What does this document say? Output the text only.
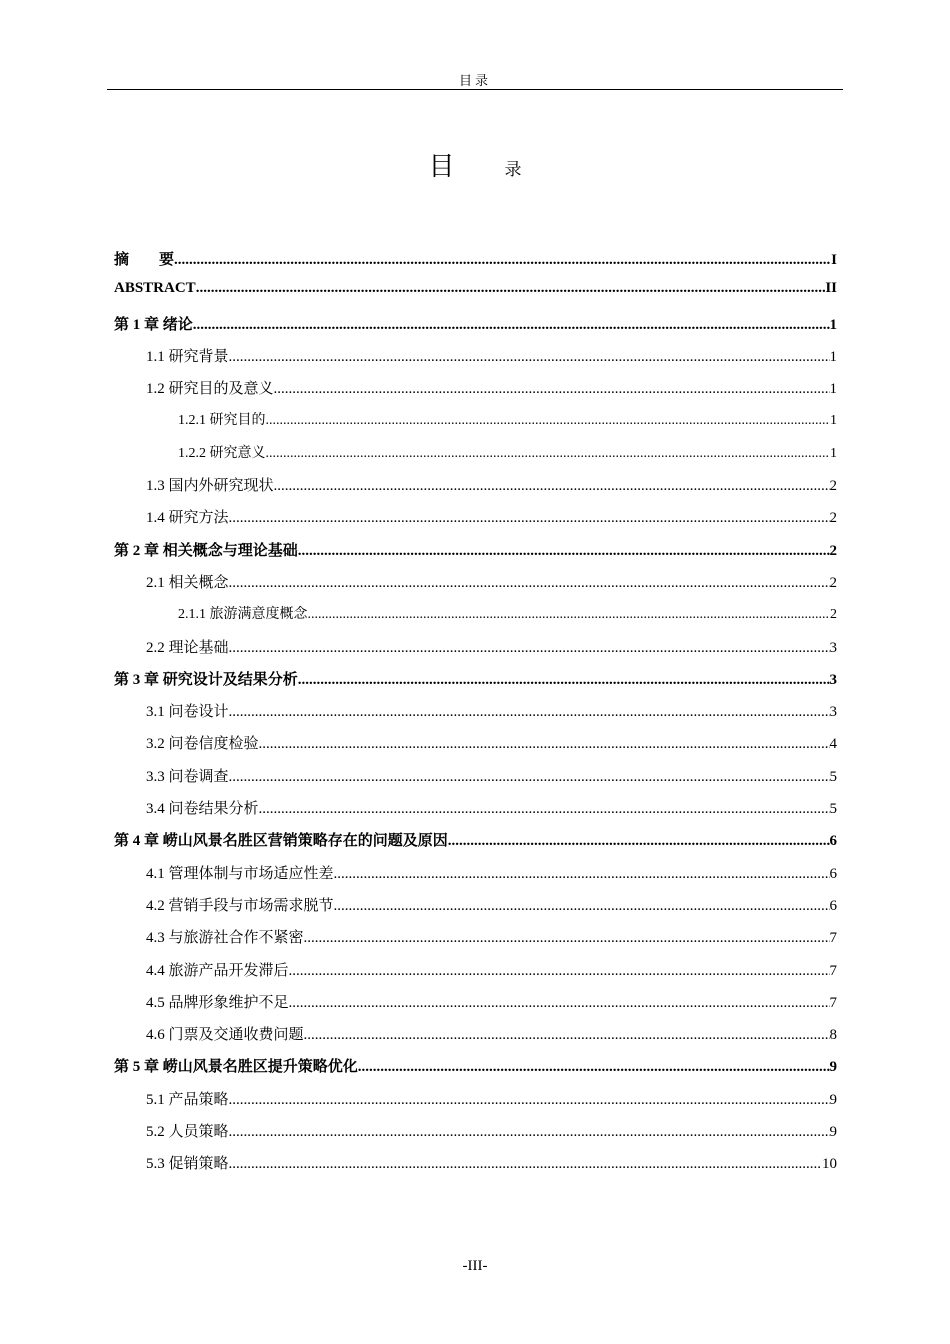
目录
目	录
摘　　要 .....	I
ABSTRACT .....	II
第 1 章 绪论 .....	1
1.1 研究背景 .....	1
1.2 研究目的及意义 .....	1
1.2.1 研究目的 .....	1
1.2.2 研究意义 .....	1
1.3 国内外研究现状 .....	2
1.4 研究方法 .....	2
第 2 章 相关概念与理论基础 .....	2
2.1 相关概念 .....	2
2.1.1 旅游满意度概念 .....	2
2.2 理论基础 .....	3
第 3 章 研究设计及结果分析 .....	3
3.1 问卷设计 .....	3
3.2 问卷信度检验 .....	4
3.3 问卷调查 .....	5
3.4 问卷结果分析 .....	5
第 4 章 崂山风景名胜区营销策略存在的问题及原因 .....	6
4.1 管理体制与市场适应性差 .....	6
4.2 营销手段与市场需求脱节 .....	6
4.3 与旅游社合作不紧密 .....	7
4.4 旅游产品开发滞后 .....	7
4.5 品牌形象维护不足 .....	7
4.6 门票及交通收费问题 .....	8
第 5 章 崂山风景名胜区提升策略优化 .....	9
5.1 产品策略 .....	9
5.2 人员策略 .....	9
5.3 促销策略 .....	10
-III-
